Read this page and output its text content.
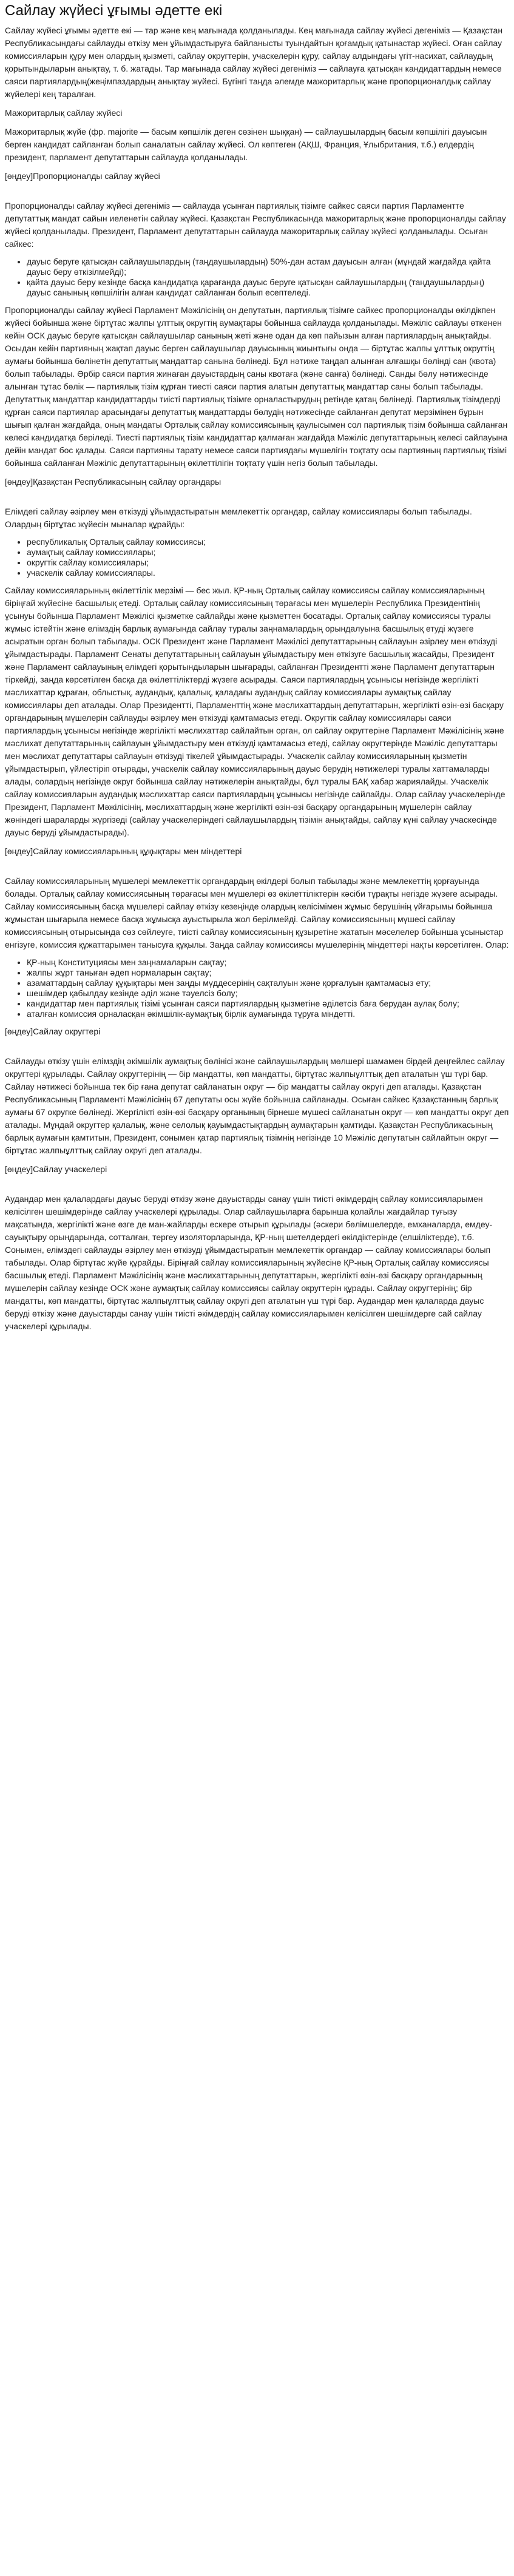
Сайлау жүйесі ұғымы әдетте екі

Сайлау жүйесі ұғымы әдетте екі — тар және кең мағынада қолданылады. Кең мағынада сайлау жүйесі дегеніміз — Қазақстан Республикасындағы сайлауды өткізу мен ұйымдастыруға байланысты туындайтын қоғамдық қатынастар жүйесі. Оған сайлау комиссияларын құру мен олардың қызметі, сайлау округтерін, учаскелерін құру, сайлау алдындағы үгіт-насихат, сайлаудың қорытындыларын анықтау, т. б. жатады. Тар мағынада сайлау жүйесі дегеніміз — сайлауға қатысқан кандидаттардың немесе саяси партиялардың(жеңімпаздардың анықтау жүйесі. Бүгінгі таңда әлемде мажоритарлық және пропорционалдық сайлау жүйелері кең таралған.

Мажоритарлық сайлау жүйесі

Мажоритарлық жүйе (фр. majorite — басым көпшілік деген сөзінен шыққан) — сайлаушылардың басым көпшілігі дауысын берген кандидат сайланған болып саналатын сайлау жүйесі. Ол көптеген (АҚШ, Франция, Ұлыбритания, т.б.) елдердің президент, парламент депутаттарын сайлауда қолданылады.

[өңдеу]Пропорционалды сайлау жүйесі

Пропорционалды сайлау жүйесі дегеніміз — сайлауда ұсынған партиялық тізімге сайкес саяси партия Парламентте депутаттық мандат сайын иеленетін сайлау жүйесі. Қазақстан Республикасында мажоритарлық және пропорционалды сайлау жүйесі қолданылады. Президент, Парламент депутаттарын сайлауда мажоритарлық сайлау жүйесі қолданылады. Осыған сайкес:

• дауыс беруге қатысқан сайлаушылардың (таңдаушылардың) 50%-дан астам дауысын алған (мұндай жағдайда қайта дауыс беру өткізілмейді);
• қайта дауыс беру кезінде басқа кандидатқа қарағанда дауыс беруге қатысқан сайлаушылардың (таңдаушылардың) дауыс санының көпшілігін алған кандидат сайланған болып есептеледі.

Пропорционалды сайлау жүйесі Парламент Мәжілісінің он депутатын, партиялық тізімге сайкес пропорционалды өкілдікпен жүйесі бойынша және біртұтас жалпы ұлттық округтің аумақтары бойынша сайлауда қолданылады. Мәжіліс сайлауы өткенен кейін ОСК дауыс беруге қатысқан сайлаушылар санының жеті және одан да көп пайызын алған партиялардың анықтайды. Осыдан кейін партияның жақтап дауыс берген сайлаушылар дауысының жиынтығы онда — біртұтас жалпы ұлттық округтің аумағы бойынша бөлінетін депутаттық мандаттар санына бөлінеді. Бұл нәтиже таңдап алынған алғашқы бөлінді сан (квота) болып табылады. Әрбір саяси партия жинаған дауыстардың саны квотаға (және санға) бөлінеді. Санды бөлу нәтижесінде алынған тұтас бөлік — партиялық тізім құрған тиесті саяси партия алатын депутаттық мандаттар саны болып табылады. Депутаттық мандаттар кандидаттарды тиісті партиялық тізімге орналастырудың ретінде қатаң бөлінеді. Партиялық тізімдерді құрған саяси партиялар арасындағы депутаттық мандаттарды бөлудің нәтижесінде сайланған депутат мерзімінен бұрын шығып қалған жағдайда, оның мандаты Орталық сайлау комиссиясының қаулысымен сол партиялық тізім бойынша сайланған келесі кандидатқа беріледі. Тиесті партиялық тізім кандидаттар қалмаған жағдайда Мәжіліс депутаттарының келесі сайлауына дейін мандат бос қалады. Саяси партияны тарату немесе саяси партиядағы мүшелігін тоқтату осы партияның партиялық тізімі бойынша сайланған Мәжіліс депутаттарының өкілеттілігін тоқтату үшін негіз болып табылады.

[өңдеу]Қазақстан Республикасының сайлау органдары

Елімдегі сайлау әзірлеу мен өткізуді ұйымдастыратын мемлекеттік органдар, сайлау комиссиялары болып табылады. Олардың біртұтас жүйесін мыналар құрайды:

• республикалық Орталық сайлау комиссиясы;
• аумақтық сайлау комиссиялары;
• округтік сайлау комиссиялары;
• учаскелік сайлау комиссиялары.

Сайлау комиссияларының өкілеттілік мерзімі — бес жыл. ҚР-ның Орталық сайлау комиссиясы сайлау комиссияларының біріңғай жүйесіне басшылық етеді. Орталық сайлау комиссиясының төрағасы мен мүшелерін Республика Президентінің ұсынуы бойынша Парламент Мәжілісі қызметке сайлайды және қызметтен босатады. Орталық сайлау комиссиясы туралы жұмыс істейтін және елімздің барлық аумағында сайлау туралы заңнамалардың орындалуына басшылық етуді жүзеге асыратын орган болып табылады. ОСК Президент және Парламент Мәжілісі депутаттарының сайлауын әзірлеу мен өткізуді ұйымдастырады. Парламент Сенаты депутаттарының сайлауын ұйымдастыру мен өткізуге басшылық жасайды, Президент және Парламент сайлауының елімдегі қорытындыларын шығарады, сайланған Президентті және Парламент депутаттарын тіркейді, заңда көрсетілген басқа да өкілеттіліктерді жүзеге асырады. Саяси партиялардың ұсынысы негізінде жергілікті мәслихаттар құраған, облыстық, аудандық, қалалық, қаладағы аудандық сайлау комиссиялары аумақтық сайлау комиссиялары деп аталады. Олар Президентті, Парламенттің және мәслихаттардың депутаттарын, жергілікті өзін-өзі басқару органдарының мүшелерін сайлауды әзірлеу мен өткізуді қамтамасыз етеді. Округтік сайлау комиссиялары саяси партиялардың ұсынысы негізінде жергілікті мәслихаттар сайлайтын орган, ол сайлау округтеріне Парламент Мәжілісінің және мәслихат депутаттарының сайлауын ұйымдастыру мен өткізуді қамтамасыз етеді, сайлау округтерінде Мәжіліс депутаттары мен мәслихат депутаттары сайлауын өткізуді тікелей ұйымдастырады. Учаскелік сайлау комиссияларының қызметін ұйымдастырып, үйлестіріп отырады, учаскелік сайлау комиссияларының дауыс берудің нәтижелері туралы хаттамаларды алады, солардың негізінде округ бойынша сайлау нәтижелерін анықтайды, бұл туралы БАҚ хабар жариялайды. Учаскелік сайлау комиссияларын аудандық мәслихаттар саяси партиялардың ұсынысы негізінде сайлайды. Олар сайлау учаскелерінде Президент, Парламент Мәжілісінің, мәслихаттардың және жергілікті өзін-өзі басқару органдарының мүшелерін сайлау жөніндегі шараларды жүргізеді (сайлау учаскелеріндегі сайлаушылардың тізімін анықтайды, сайлау күні сайлау учаскесінде дауыс беруді ұйымдастырады).

[өңдеу]Сайлау комиссияларының құқықтары мен міндеттері

Сайлау комиссияларының мүшелері мемлекеттік органдардың өкілдері болып табылады және мемлекеттің қорғауында болады. Орталық сайлау комиссиясының төрағасы мен мүшелері өз өкілеттіліктерін кәсіби тұрақты негізде жүзеге асырады. Сайлау комиссиясының басқа мүшелері сайлау өткізу кезеңінде олардың келісімімен жұмыс берушінің үйғарымы бойынша жұмыстан шығарыла немесе басқа жұмысқа ауыстырыла жол берілмейді. Сайлау комиссиясының мүшесі сайлау комиссиясының отырысында сөз сөйлеуге, тиісті сайлау комиссиясының құзыретіне жататын мәселелер бойынша ұсыныстар енгізуге, комиссия құжаттарымен танысуға құқылы. Заңда сайлау комиссиясы мүшелерінің міндеттері нақты көрсетілген. Олар:

• ҚР-ның Конституциясы мен заңнамаларын сақтау;
• жалпы жұрт таныған әдеп нормаларын сақтау;
• азаматтардың сайлау құқықтары мен заңды мүддесерінің сақталуын және қорғалуын қамтамасыз ету;
• шешімдер қабылдау кезінде әділ және тәуелсіз болу;
• кандидаттар мен партиялық тізімі ұсынған саяси партиялардың қызметіне әділетсіз баға берудан аулақ болу;
• аталған комиссия орналасқан әкімшілік-аумақтық бірлік аумағында тұруға міндетті.
[өңдеу]Сайлау округтері

Сайлауды өткізу үшін елімздің әкімшілік аумақтық бөлінісі және сайлаушылардың мөлшері шамамен бірдей деңгейлес сайлау округтері құрылады. Сайлау округтерінің — бір мандатты, көп мандатты, біртұтас жалпыұлттық деп аталатын үш түрі бар. Сайлау нәтижесі бойынша тек бір ғана депутат сайланатын округ — бір мандатты сайлау округі деп аталады. Қазақстан Республикасының Парламенті Мәжілісінің 67 депутаты осы жүйе бойынша сайланады. Осыған сайкес Қазақстанның барлық аумағы 67 округке бөлінеді. Жергілікті өзін-өзі басқару органының бірнеше мүшесі сайланатын округ — көп мандатты округ деп аталады. Мұндай округтер қалалық, және селолық қауымдастықтардың аумақтарын қамтиды. Қазақстан Республикасының барлық аумағын қамтитын, Президент, сонымен қатар партиялық тізімнің негізінде 10 Мәжіліс депутатын сайлайтын округ — біртұтас жалпыұлттық сайлау округі деп аталады.

[өңдеу]Сайлау учаскелері

Аудандар мен қалалардағы дауыс беруді өткізу және дауыстарды санау үшін тиісті әкімдердің сайлау комиссияларымен келісілген шешімдерінде сайлау учаскелері құрылады. Олар сайлаушыларға барынша қолайлы жағдайлар туғызу мақсатында, жергілікті және өзге де ман-жайларды ескере отырып құрылады (әскери бөлімшелерде, емханаларда, емдеу-сауықтыру орындарында, сотталған, тергеу изоляторларында, ҚР-ның шетелдердегі өкілдіктерінде (елшіліктерде), т.б. Сонымен, елімздегі сайлауды әзірлеу мен өткізуді ұйымдастыратын мемлекеттік органдар — сайлау комиссиялары болып табылады. Олар біртұтас жүйе құрайды. Біріңғай сайлау комиссияларының жүйесіне ҚР-ның Орталық сайлау комиссиясы басшылық етеді. Парламент Мәжілісінің және мәслихаттарының депутаттарын, жергілікті өзін-өзі басқару органдарының мүшелерін сайлау кезінде ОСК және аумақтық сайлау комиссиясы сайлау округтерін құрады. Сайлау округтерінің; бір мандатты, көп мандатты, біртұтас жалпыұлттық сайлау округі деп аталатын үш түрі бар. Аудандар мен қалаларда дауыс беруді өткізу және дауыстарды санау үшін тиісті әкімдердің сайлау комиссияларымен келісілген шешімдерге сай сайлау учаскелері құрылады.
